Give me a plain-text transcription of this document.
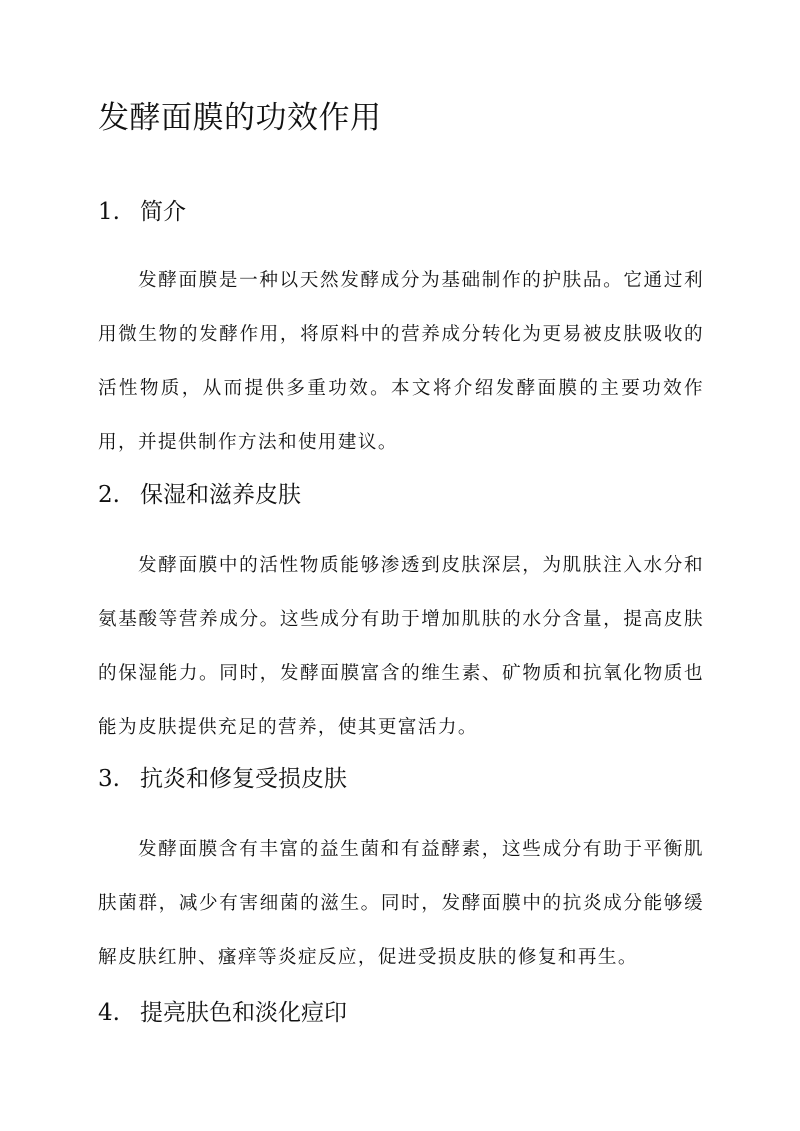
发酵面膜的功效作用
1. 简介

发酵面膜是一种以天然发酵成分为基础制作的护肤品。它通过利用微生物的发酵作用，将原料中的营养成分转化为更易被皮肤吸收的活性物质，从而提供多重功效。本文将介绍发酵面膜的主要功效作用，并提供制作方法和使用建议。

2. 保湿和滋养皮肤

发酵面膜中的活性物质能够渗透到皮肤深层，为肌肤注入水分和氨基酸等营养成分。这些成分有助于增加肌肤的水分含量，提高皮肤的保湿能力。同时，发酵面膜富含的维生素、矿物质和抗氧化物质也能为皮肤提供充足的营养，使其更富活力。

3. 抗炎和修复受损皮肤

发酵面膜含有丰富的益生菌和有益酵素，这些成分有助于平衡肌肤菌群，减少有害细菌的滋生。同时，发酵面膜中的抗炎成分能够缓解皮肤红肿、瘙痒等炎症反应，促进受损皮肤的修复和再生。

4. 提亮肤色和淡化痘印
